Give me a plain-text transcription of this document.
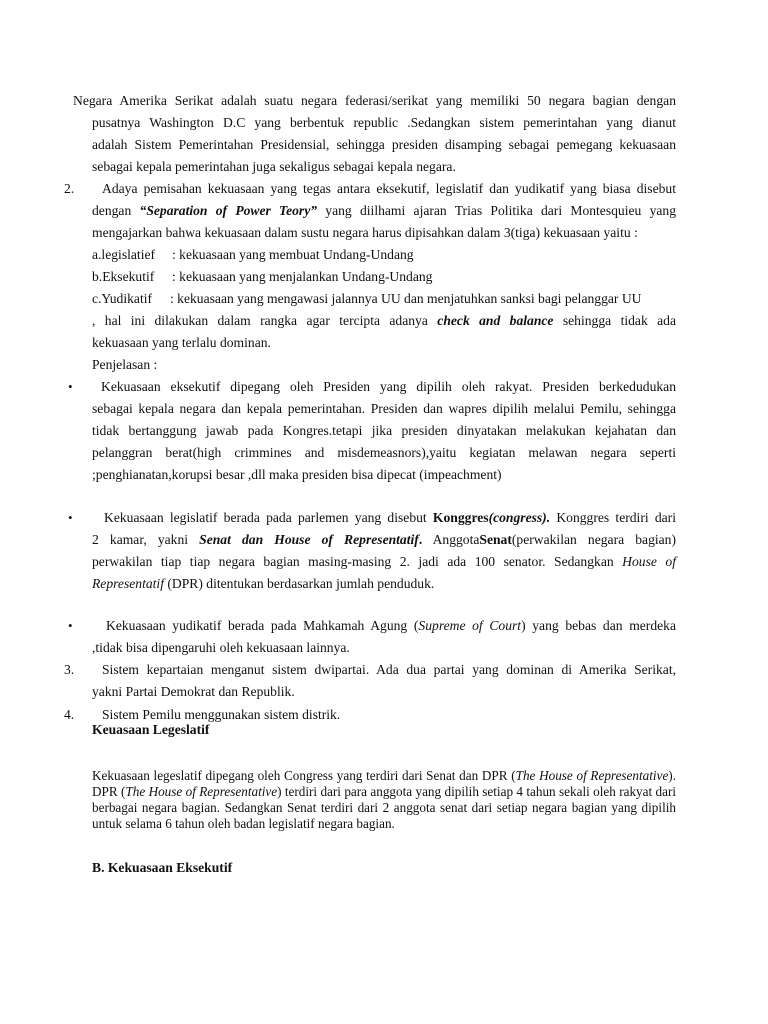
Negara Amerika Serikat adalah suatu negara federasi/serikat yang memiliki 50 negara bagian dengan
pusatnya Washington D.C yang berbentuk republic .Sedangkan sistem pemerintahan yang dianut
adalah Sistem Pemerintahan Presidensial, sehingga presiden disamping sebagai pemegang kekuasaan
sebagai kepala pemerintahan juga sekaligus sebagai kepala negara.
2.	Adaya pemisahan kekuasaan yang tegas antara eksekutif, legislatif dan yudikatif yang biasa disebut
dengan “Separation of Power Teory” yang diilhami ajaran Trias Politika dari Montesquieu yang
mengajarkan bahwa kekuasaan dalam sustu negara harus dipisahkan dalam 3(tiga) kekuasaan yaitu :
a.legislatief : kekuasaan yang membuat Undang-Undang
b.Eksekutif : kekuasaan yang menjalankan Undang-Undang
c.Yudikatif : kekuasaan yang mengawasi jalannya UU dan menjatuhkan sanksi bagi pelanggar UU
, hal ini dilakukan dalam rangka agar tercipta adanya check and balance sehingga tidak ada
kekuasaan yang terlalu dominan.
Penjelasan :
•	Kekuasaan eksekutif dipegang oleh Presiden yang dipilih oleh rakyat. Presiden berkedudukan
sebagai kepala negara dan kepala pemerintahan. Presiden dan wapres dipilih melalui Pemilu, sehingga
tidak bertanggung jawab pada Kongres.tetapi jika presiden dinyatakan melakukan kejahatan dan
pelanggran berat(high crimmines and misdemeasnors),yaitu kegiatan melawan negara seperti
;penghianatan,korupsi besar ,dll maka presiden bisa dipecat (impeachment)
•	Kekuasaan legislatif berada pada parlemen yang disebut Konggres(congress). Konggres terdiri dari
2 kamar, yakni Senat dan House of Representatif. AnggotaSenat(perwakilan negara bagian)
perwakilan tiap tiap negara bagian masing-masing 2. jadi ada 100 senator. Sedangkan House of
Representatif (DPR) ditentukan berdasarkan jumlah penduduk.
•	Kekuasaan yudikatif berada pada Mahkamah Agung (Supreme of Court) yang bebas dan merdeka
,tidak bisa dipengaruhi oleh kekuasaan lainnya.
3.	Sistem kepartaian menganut sistem dwipartai. Ada dua partai yang dominan di Amerika Serikat,
yakni Partai Demokrat dan Republik.
4.	Sistem Pemilu menggunakan sistem distrik.
Keuasaan Legeslatif
Kekuasaan legeslatif dipegang oleh Congress yang terdiri dari Senat dan DPR (The House of Representative). DPR (The House of Representative) terdiri dari para anggota yang dipilih setiap 4 tahun sekali oleh rakyat dari berbagai negara bagian. Sedangkan Senat terdiri dari 2 anggota senat dari setiap negara bagian yang dipilih untuk selama 6 tahun oleh badan legislatif negara bagian.
B. Kekuasaan Eksekutif
